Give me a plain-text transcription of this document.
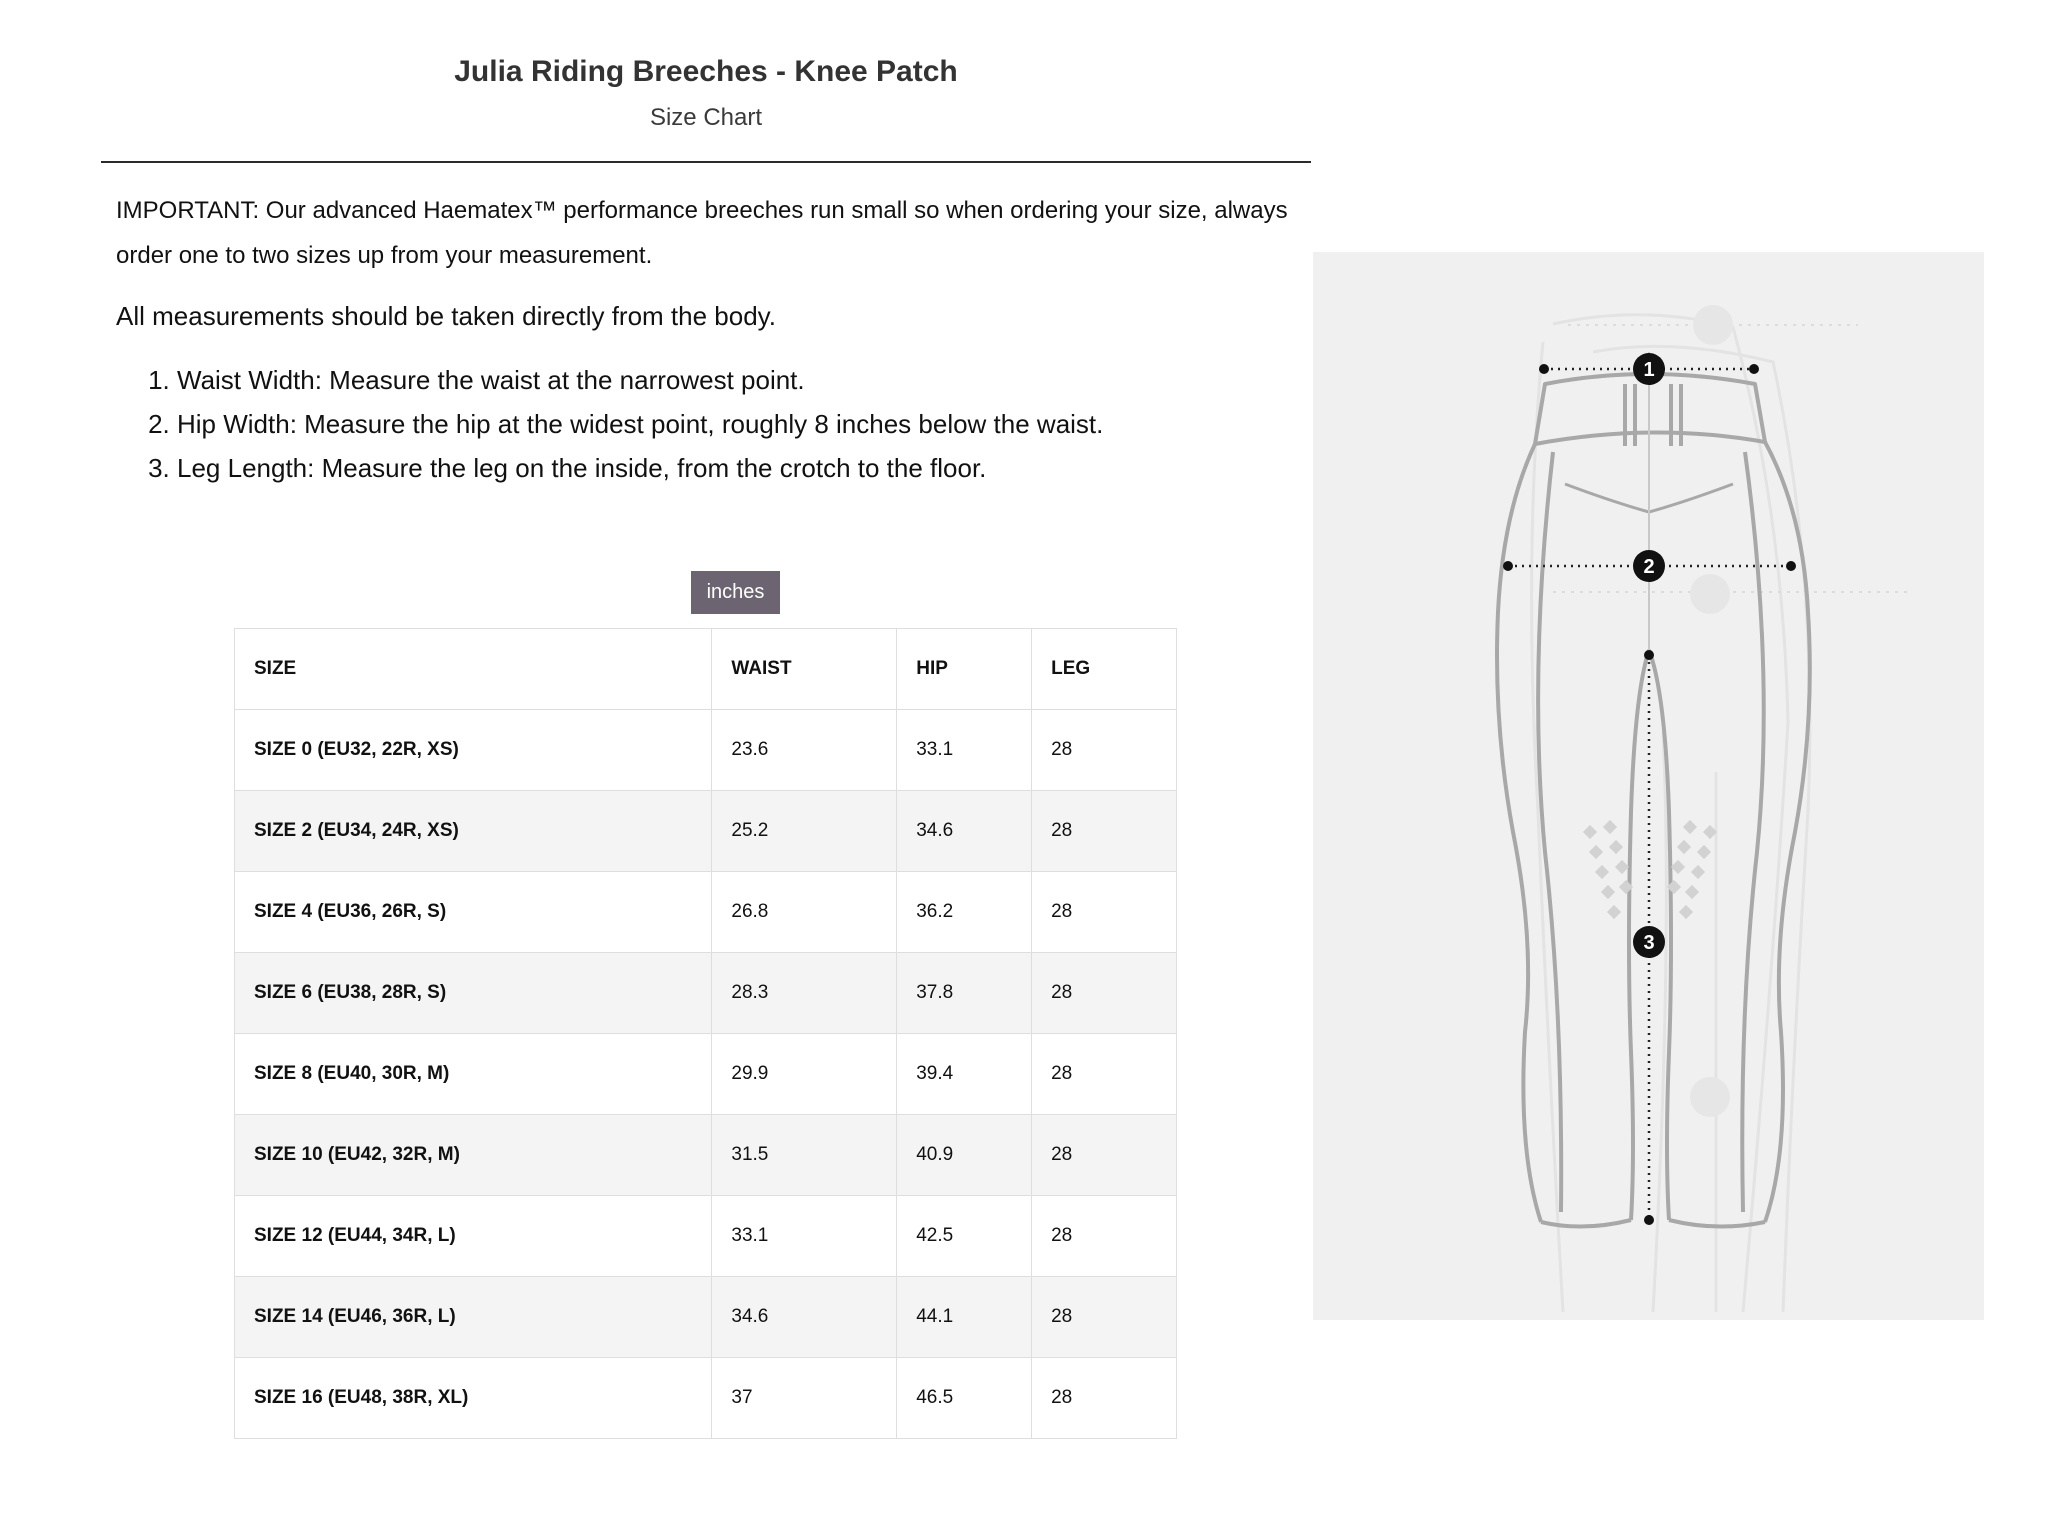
Julia Riding Breeches - Knee Patch
Size Chart

IMPORTANT: Our advanced Haematex™ performance breeches run small so when ordering your size, always order one to two sizes up from your measurement.

All measurements should be taken directly from the body.

1. Waist Width: Measure the waist at the narrowest point.
2. Hip Width: Measure the hip at the widest point, roughly 8 inches below the waist.
3. Leg Length: Measure the leg on the inside, from the crotch to the floor.
inches
SIZE	WAIST	HIP	LEG
SIZE 0 (EU32, 22R, XS)	23.6	33.1	28
SIZE 2 (EU34, 24R, XS)	25.2	34.6	28
SIZE 4 (EU36, 26R, S)	26.8	36.2	28
SIZE 6 (EU38, 28R, S)	28.3	37.8	28
SIZE 8 (EU40, 30R, M)	29.9	39.4	28
SIZE 10 (EU42, 32R, M)	31.5	40.9	28
SIZE 12 (EU44, 34R, L)	33.1	42.5	28
SIZE 14 (EU46, 36R, L)	34.6	44.1	28
SIZE 16 (EU48, 38R, XL)	37	46.5	28
1
2
3
